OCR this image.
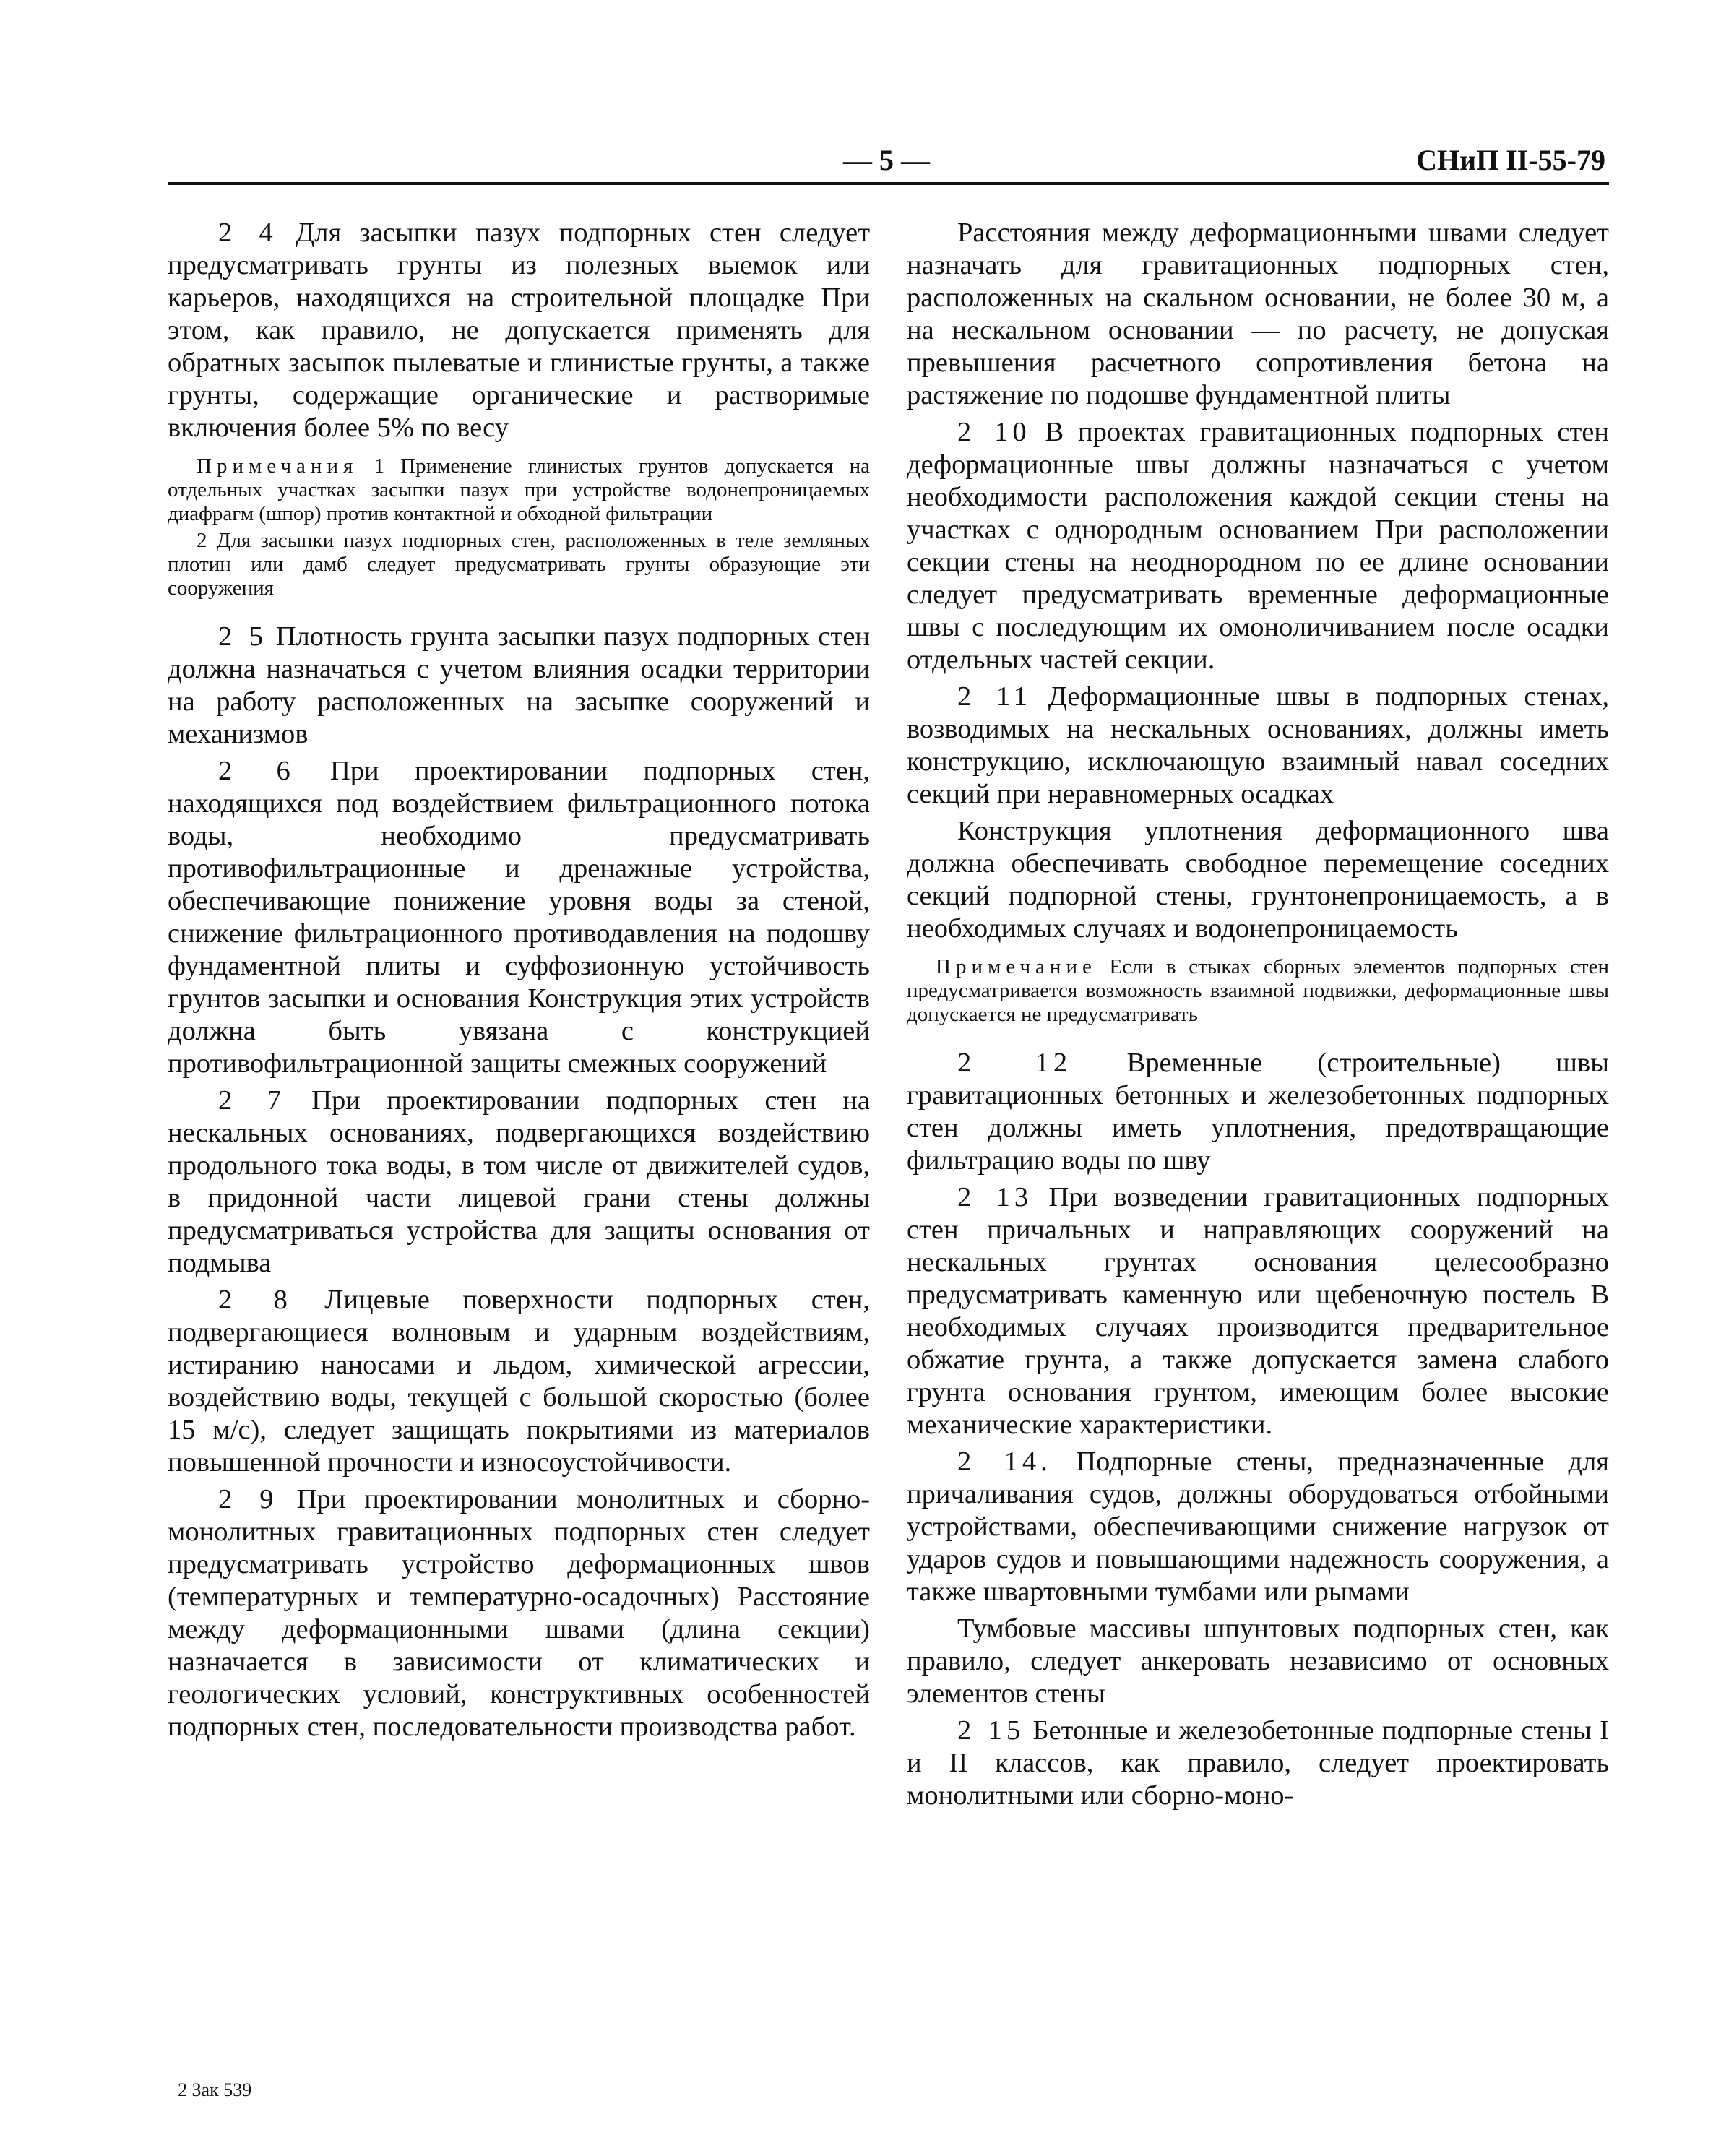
— 5 —	СНиП II-55-79

2 4 Для засыпки пазух подпорных стен следует предусматривать грунты из полезных выемок или карьеров, находящихся на строительной площадке При этом, как правило, не допускается применять для обратных засыпок пылеватые и глинистые грунты, а также грунты, содержащие органические и растворимые включения более 5% по весу

Примечания 1 Применение глинистых грунтов допускается на отдельных участках засыпки пазух при устройстве водонепроницаемых диафрагм (шпор) против контактной и обходной фильтрации

2 Для засыпки пазух подпорных стен, расположенных в теле земляных плотин или дамб следует предусматривать грунты образующие эти сооружения

2 5 Плотность грунта засыпки пазух подпорных стен должна назначаться с учетом влияния осадки территории на работу расположенных на засыпке сооружений и механизмов

2 6 При проектировании подпорных стен, находящихся под воздействием фильтрационного потока воды, необходимо предусматривать противофильтрационные и дренажные устройства, обеспечивающие понижение уровня воды за стеной, снижение фильтрационного противодавления на подошву фундаментной плиты и суффозионную устойчивость грунтов засыпки и основания Конструкция этих устройств должна быть увязана с конструкцией противофильтрационной защиты смежных сооружений

2 7 При проектировании подпорных стен на нескальных основаниях, подвергающихся воздействию продольного тока воды, в том числе от движителей судов, в придонной части лицевой грани стены должны предусматриваться устройства для защиты основания от подмыва

2 8 Лицевые поверхности подпорных стен, подвергающиеся волновым и ударным воздействиям, истиранию наносами и льдом, химической агрессии, воздействию воды, текущей с большой скоростью (более 15 м/с), следует защищать покрытиями из материалов повышенной прочности и износоустойчивости.

2 9 При проектировании монолитных и сборно-монолитных гравитационных подпорных стен следует предусматривать устройство деформационных швов (температурных и температурно-осадочных) Расстояние между деформационными швами (длина секции) назначается в зависимости от климатических и геологических условий, конструктивных особенностей подпорных стен, последовательности производства работ.

Расстояния между деформационными швами следует назначать для гравитационных подпорных стен, расположенных на скальном основании, не более 30 м, а на нескальном основании — по расчету, не допуская превышения расчетного сопротивления бетона на растяжение по подошве фундаментной плиты

2 10 В проектах гравитационных подпорных стен деформационные швы должны назначаться с учетом необходимости расположения каждой секции стены на участках с однородным основанием При расположении секции стены на неоднородном по ее длине основании следует предусматривать временные деформационные швы с последующим их омоноличиванием после осадки отдельных частей секции.

2 11 Деформационные швы в подпорных стенах, возводимых на нескальных основаниях, должны иметь конструкцию, исключающую взаимный навал соседних секций при неравномерных осадках

Конструкция уплотнения деформационного шва должна обеспечивать свободное перемещение соседних секций подпорной стены, грунтонепроницаемость, а в необходимых случаях и водонепроницаемость

Примечание Если в стыках сборных элементов подпорных стен предусматривается возможность взаимной подвижки, деформационные швы допускается не предусматривать

2 12 Временные (строительные) швы гравитационных бетонных и железобетонных подпорных стен должны иметь уплотнения, предотвращающие фильтрацию воды по шву

2 13 При возведении гравитационных подпорных стен причальных и направляющих сооружений на нескальных грунтах основания целесообразно предусматривать каменную или щебеночную постель В необходимых случаях производится предварительное обжатие грунта, а также допускается замена слабого грунта основания грунтом, имеющим более высокие механические характеристики.

2 14. Подпорные стены, предназначенные для причаливания судов, должны оборудоваться отбойными устройствами, обеспечивающими снижение нагрузок от ударов судов и повышающими надежность сооружения, а также швартовными тумбами или рымами

Тумбовые массивы шпунтовых подпорных стен, как правило, следует анкеровать независимо от основных элементов стены

2 15 Бетонные и железобетонные подпорные стены I и II классов, как правило, следует проектировать монолитными или сборно-моно-

2 Зак 539
